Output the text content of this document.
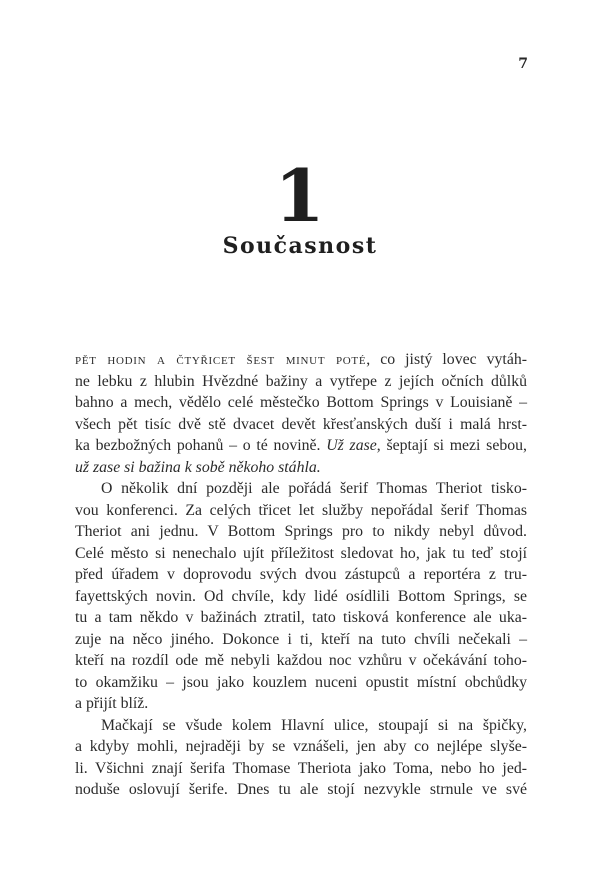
7
1
Současnost
pět hodin a čtyřicet šest minut poté, co jistý lovec vytáh-
ne lebku z hlubin Hvězdné bažiny a vytřepe z jejích očních důlků
bahno a mech, vědělo celé městečko Bottom Springs v Louisianě –
všech pět tisíc dvě stě dvacet devět křesťanských duší i malá hrst-
ka bezbožných pohanů – o té novině. Už zase, šeptají si mezi sebou,
už zase si bažina k sobě někoho stáhla.
O několik dní později ale pořádá šerif Thomas Theriot tisko-
vou konferenci. Za celých třicet let služby nepořádal šerif Thomas
Theriot ani jednu. V Bottom Springs pro to nikdy nebyl důvod.
Celé město si nenechalo ujít příležitost sledovat ho, jak tu teď stojí
před úřadem v doprovodu svých dvou zástupců a reportéra z tru-
fayettských novin. Od chvíle, kdy lidé osídlili Bottom Springs, se
tu a tam někdo v bažinách ztratil, tato tisková konference ale uka-
zuje na něco jiného. Dokonce i ti, kteří na tuto chvíli nečekali –
kteří na rozdíl ode mě nebyli každou noc vzhůru v očekávání toho-
to okamžiku – jsou jako kouzlem nuceni opustit místní obchůdky
a přijít blíž.
Mačkají se všude kolem Hlavní ulice, stoupají si na špičky,
a kdyby mohli, nejraději by se vznášeli, jen aby co nejlépe slyše-
li. Všichni znají šerifa Thomase Theriota jako Toma, nebo ho jed-
noduše oslovují šerife. Dnes tu ale stojí nezvykle strnule ve své
